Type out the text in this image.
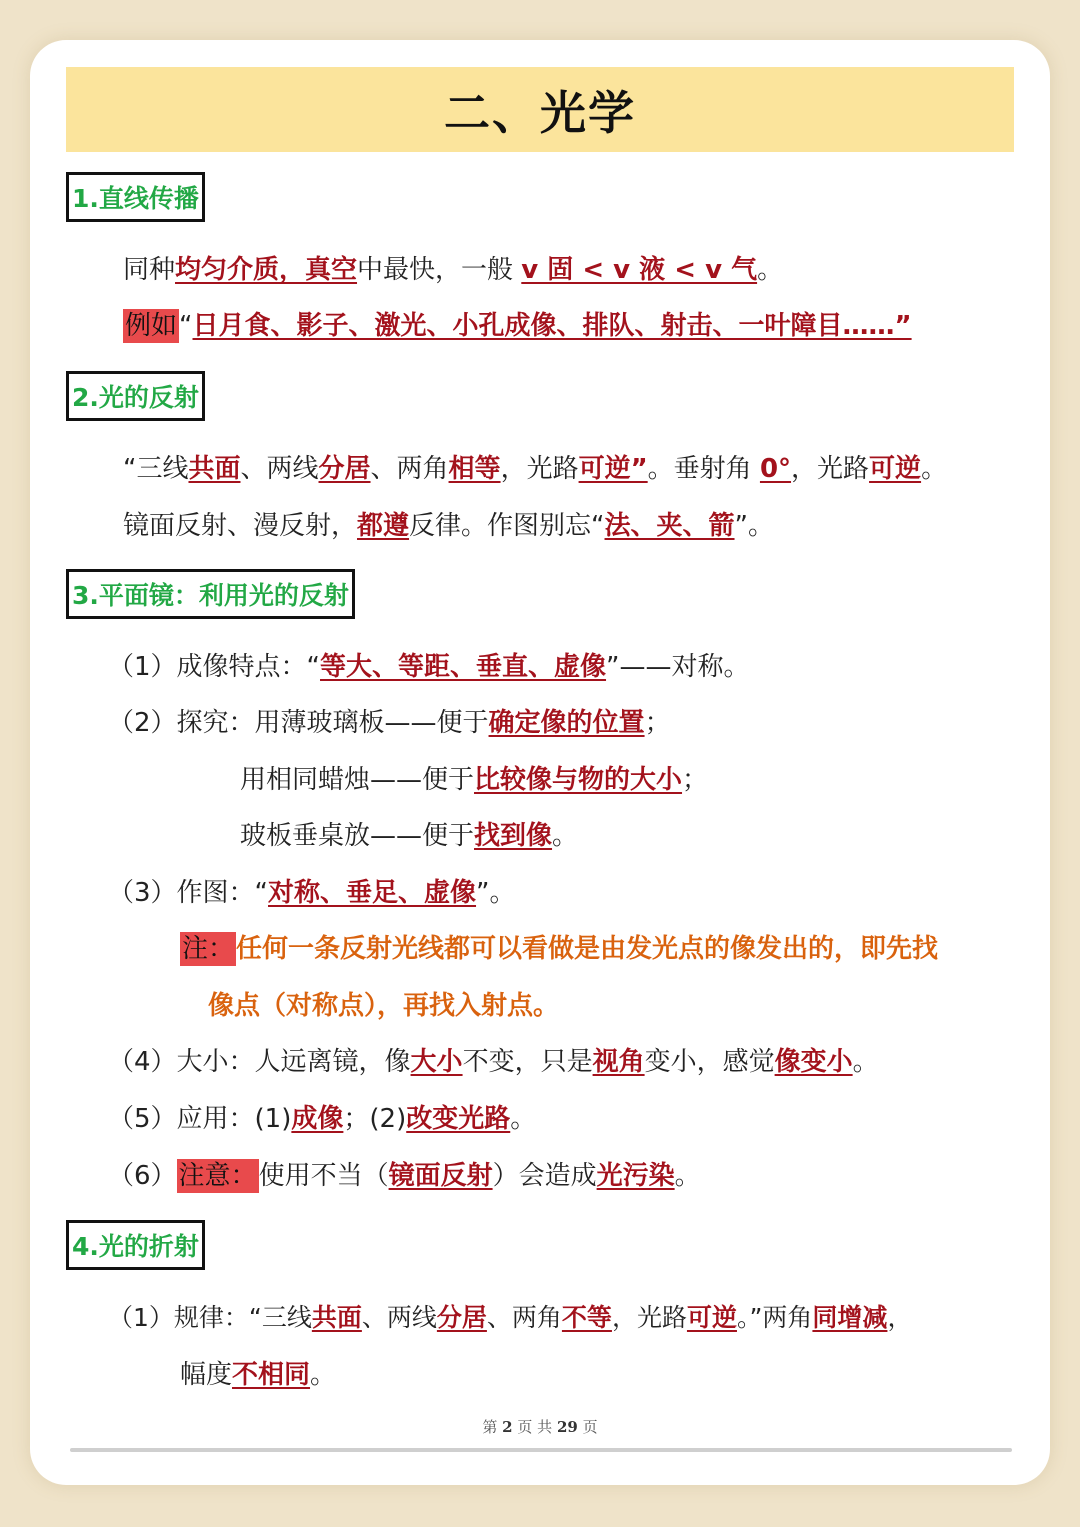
二、光学
1.直线传播
同种均匀介质，真空中最快，一般 v 固 < v 液 < v 气。
例如“日月食、影子、激光、小孔成像、排队、射击、一叶障目……”
2.光的反射
“三线共面、两线分居、两角相等，光路可逆”。垂射角 0°，光路可逆。
镜面反射、漫反射，都遵反律。作图别忘“法、夹、箭”。
3.平面镜：利用光的反射
（1）成像特点：“等大、等距、垂直、虚像”——对称。
（2）探究：用薄玻璃板——便于确定像的位置；
用相同蜡烛——便于比较像与物的大小；
玻板垂桌放——便于找到像。
（3）作图：“对称、垂足、虚像”。
注：任何一条反射光线都可以看做是由发光点的像发出的，即先找
像点（对称点），再找入射点。
（4）大小：人远离镜，像大小不变，只是视角变小，感觉像变小。
（5）应用：(1)成像；(2)改变光路。
（6）注意：使用不当（镜面反射）会造成光污染。
4.光的折射
（1）规律：“三线共面、两线分居、两角不等，光路可逆。”两角同增减，
幅度不相同。
第 2 页 共 29 页
